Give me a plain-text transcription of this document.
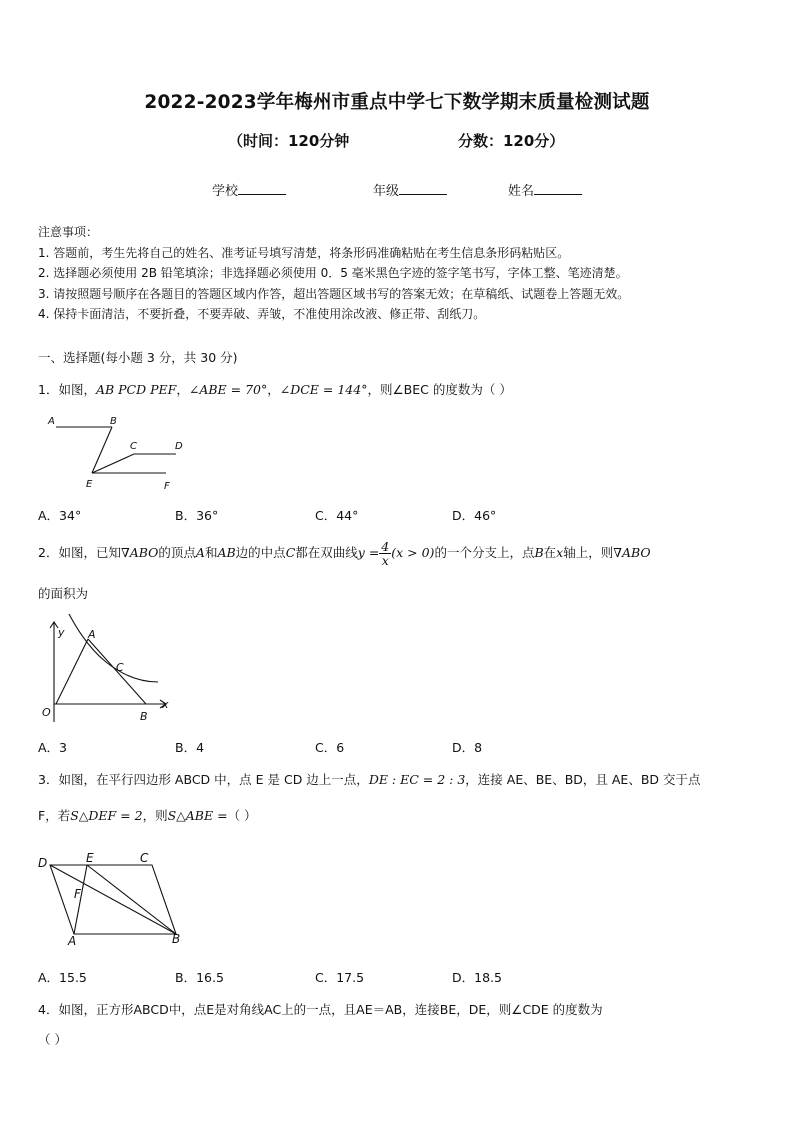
2022-2023学年梅州市重点中学七下数学期末质量检测试题
（时间：120分钟	分数：120分）
学校	年级	姓名
注意事项：
1. 答题前，考生先将自己的姓名、准考证号填写清楚，将条形码准确粘贴在考生信息条形码粘贴区。
2. 选择题必须使用 2B 铅笔填涂；非选择题必须使用 0．5 毫米黑色字迹的签字笔书写，字体工整、笔迹清楚。
3. 请按照题号顺序在各题目的答题区域内作答，超出答题区域书写的答案无效；在草稿纸、试题卷上答题无效。
4. 保持卡面清洁，不要折叠，不要弄破、弄皱，不准使用涂改液、修正带、刮纸刀。
一、选择题(每小题 3 分，共 30 分)
1．如图，AB PCD PEF，∠ABE = 70°，∠DCE = 144°，则∠BEC 的度数为（ ）
A	B
C	D
E	F
A．34°	B．36°	C．44°	D．46°
2．如图，已知∇ABO的顶点A和AB边的中点C都在双曲线$y = \frac{4}{x} (x > 0)$的一个分支上，点B在x轴上，则∇ABO
的面积为
y A
C
O	B
x
A．3	B．4	C．6	D．8
3．如图，在平行四边形 ABCD 中，点 E 是 CD 边上一点，DE : EC = 2 : 3，连接 AE、BE、BD，且 AE、BD 交于点
F，若S△DEF = 2，则S△ABE =（ ）
D	E	C
F
A	B
A．15.5	B．16.5	C．17.5	D．18.5
4．如图，正方形ABCD中，点E是对角线AC上的一点，且AE＝AB，连接BE，DE，则∠CDE 的度数为
（ ）
